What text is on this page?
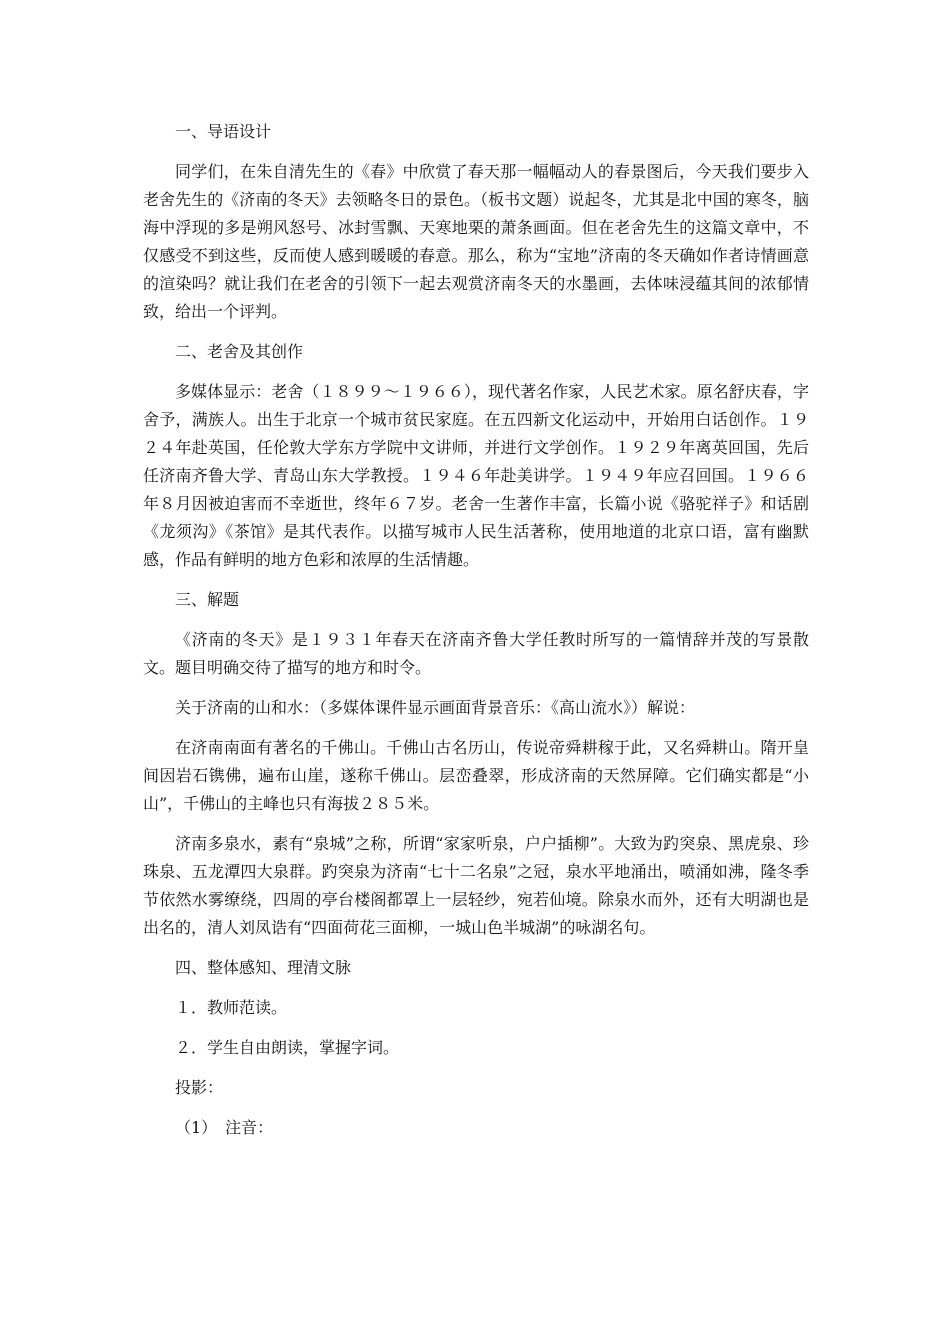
一、导语设计

同学们，在朱自清先生的《春》中欣赏了春天那一幅幅动人的春景图后，今天我们要步入老舍先生的《济南的冬天》去领略冬日的景色。（板书文题）说起冬，尤其是北中国的寒冬，脑海中浮现的多是朔风怒号、冰封雪飘、天寒地栗的萧条画面。但在老舍先生的这篇文章中，不仅感受不到这些，反而使人感到暖暖的春意。那么，称为“宝地”济南的冬天确如作者诗情画意的渲染吗？就让我们在老舍的引领下一起去观赏济南冬天的水墨画，去体味浸蕴其间的浓郁情致，给出一个评判。

二、老舍及其创作

多媒体显示：老舍（１８９９～１９６６），现代著名作家，人民艺术家。原名舒庆春，字舍予，满族人。出生于北京一个城市贫民家庭。在五四新文化运动中，开始用白话创作。１９２４年赴英国，任伦敦大学东方学院中文讲师，并进行文学创作。１９２９年离英回国，先后任济南齐鲁大学、青岛山东大学教授。１９４６年赴美讲学。１９４９年应召回国。１９６６年８月因被迫害而不幸逝世，终年６７岁。老舍一生著作丰富，长篇小说《骆驼祥子》和话剧《龙须沟》《茶馆》是其代表作。以描写城市人民生活著称，使用地道的北京口语，富有幽默感，作品有鲜明的地方色彩和浓厚的生活情趣。

三、解题

《济南的冬天》是１９３１年春天在济南齐鲁大学任教时所写的一篇情辞并茂的写景散文。题目明确交待了描写的地方和时令。

关于济南的山和水：（多媒体课件显示画面背景音乐：《高山流水》）解说：

在济南南面有著名的千佛山。千佛山古名历山，传说帝舜耕稼于此，又名舜耕山。隋开皇间因岩石镌佛，遍布山崖，遂称千佛山。层峦叠翠，形成济南的天然屏障。它们确实都是“小山”，千佛山的主峰也只有海拔２８５米。

济南多泉水，素有“泉城”之称，所谓“家家听泉，户户插柳”。大致为趵突泉、黑虎泉、珍珠泉、五龙潭四大泉群。趵突泉为济南“七十二名泉”之冠，泉水平地涌出，喷涌如沸，隆冬季节依然水雾缭绕，四周的亭台楼阁都罩上一层轻纱，宛若仙境。除泉水而外，还有大明湖也是出名的，清人刘凤诰有“四面荷花三面柳，一城山色半城湖”的咏湖名句。

四、整体感知、理清文脉

１．教师范读。

２．学生自由朗读，掌握字词。

投影：

（1）　注音：
